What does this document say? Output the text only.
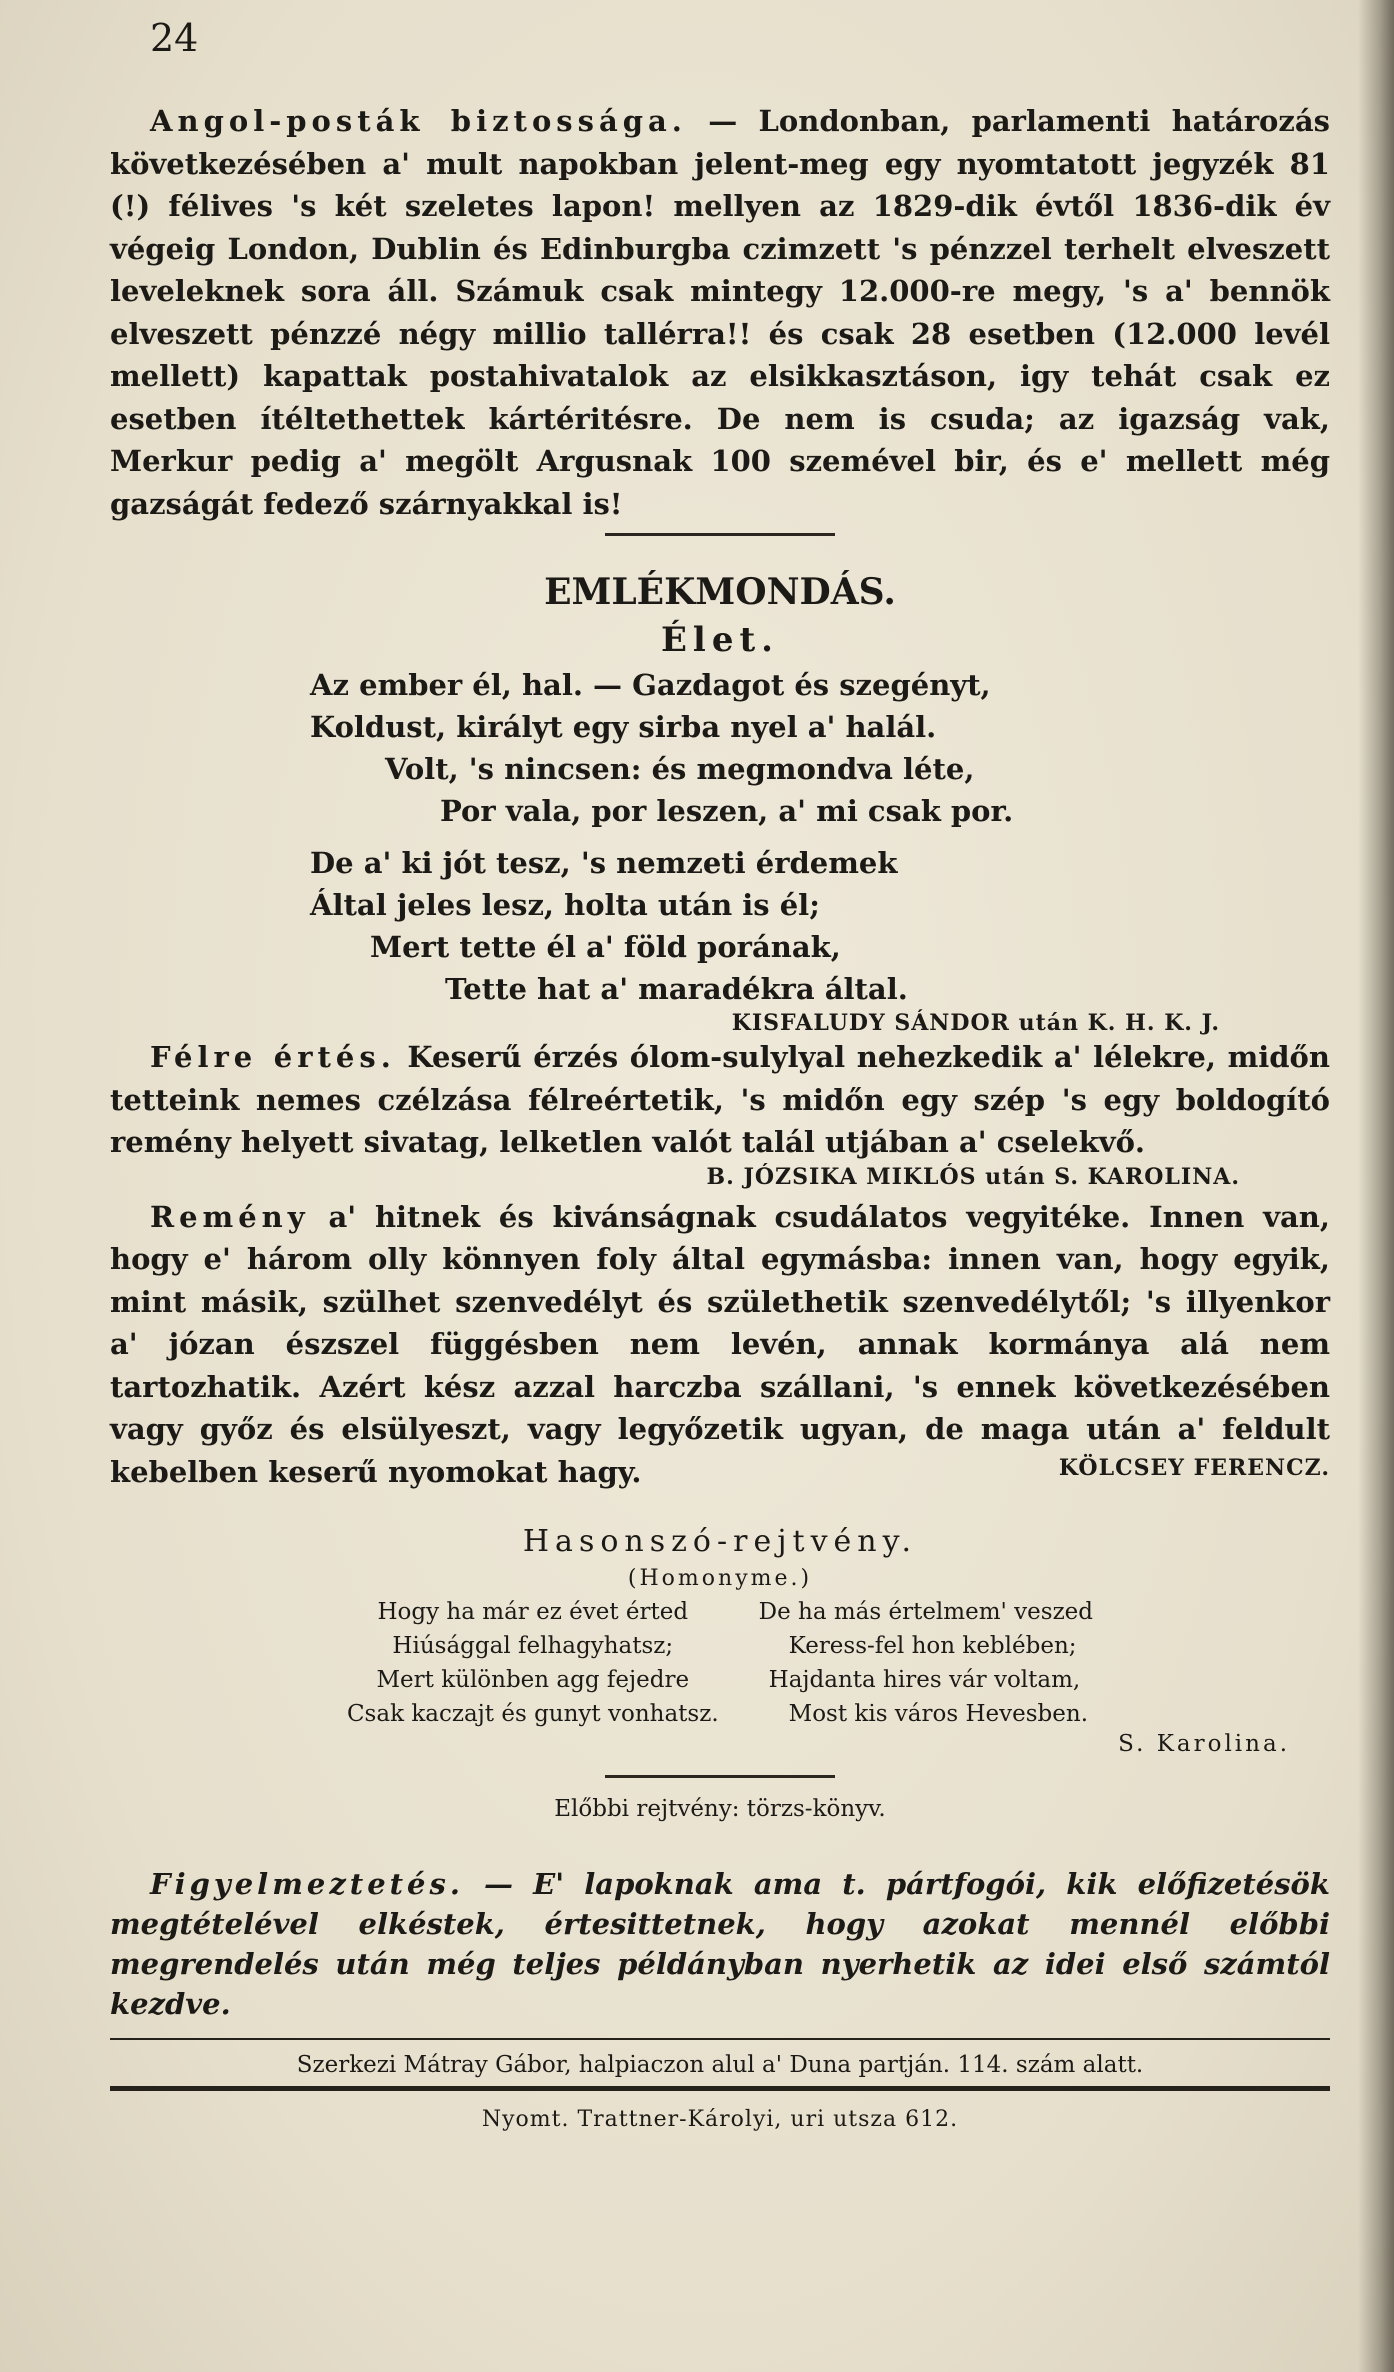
24

Angol-posták biztossága. — Londonban, parlamenti határozás következésében a' mult napokban jelent-meg egy nyomtatott jegyzék 81 (!) félives 's két szeletes lapon! mellyen az 1829-dik évtől 1836-dik év végeig London, Dublin és Edinburgba czimzett 's pénzzel terhelt elveszett leveleknek sora áll. Számuk csak mintegy 12.000-re megy, 's a' bennök elveszett pénzzé négy millio tallérra!! és csak 28 esetben (12.000 levél mellett) kapattak postahivatalok az elsikkasztáson, igy tehát csak ez esetben ítéltethettek kártéritésre. De nem is csuda; az igazság vak, Merkur pedig a' megölt Argusnak 100 szemével bir, és e' mellett még gazságát fedező szárnyakkal is!

EMLÉKMONDÁS.
Élet.
Az ember él, hal. — Gazdagot és szegényt,
Koldust, királyt egy sirba nyel a' halál.
Volt, 's nincsen: és megmondva léte,
Por vala, por leszen, a' mi csak por.
De a' ki jót tesz, 's nemzeti érdemek
Által jeles lesz, holta után is él;
Mert tette él a' föld porának,
Tette hat a' maradékra által.
KISFALUDY SÁNDOR után K. H. K. J.

Félre értés. Keserű érzés ólom-sulylyal nehezkedik a' lélekre, midőn tetteink nemes czélzása félreértetik, 's midőn egy szép 's egy boldogító remény helyett sivatag, lelketlen valót talál utjában a' cselekvő.

B. JÓZSIKA MIKLÓS után S. KAROLINA.

Remény a' hitnek és kivánságnak csudálatos vegyitéke. Innen van, hogy e' három olly könnyen foly által egymásba: innen van, hogy egyik, mint másik, szülhet szenvedélyt és születhetik szenvedélytől; 's illyenkor a' józan észszel függésben nem levén, annak kormánya alá nem tartozhatik. Azért kész azzal harczba szállani, 's ennek következésében vagy győz és elsülyeszt, vagy legyőzetik ugyan, de maga után a' feldult kebelben keserű nyomokat hagy.	KÖLCSEY FERENCZ.
Hasonszó-rejtvény.
(Homonyme.)
Hogy ha már ez évet érted
Hiúsággal felhagyhatsz;
Mert különben agg fejedre
Csak kaczajt és gunyt vonhatsz.
De ha más értelmem' veszed
Keress-fel hon keblében;
Hajdanta hires vár voltam,
Most kis város Hevesben.
S. Karolina.
Előbbi rejtvény: törzs-könyv.

Figyelmeztetés. — E' lapoknak ama t. pártfogói, kik előfizetésök megtételével elkéstek, értesittetnek, hogy azokat mennél előbbi megrendelés után még teljes példányban nyerhetik az idei első számtól kezdve.

Szerkezi Mátray Gábor, halpiaczon alul a' Duna partján. 114. szám alatt.
Nyomt. Trattner-Károlyi, uri utsza 612.
